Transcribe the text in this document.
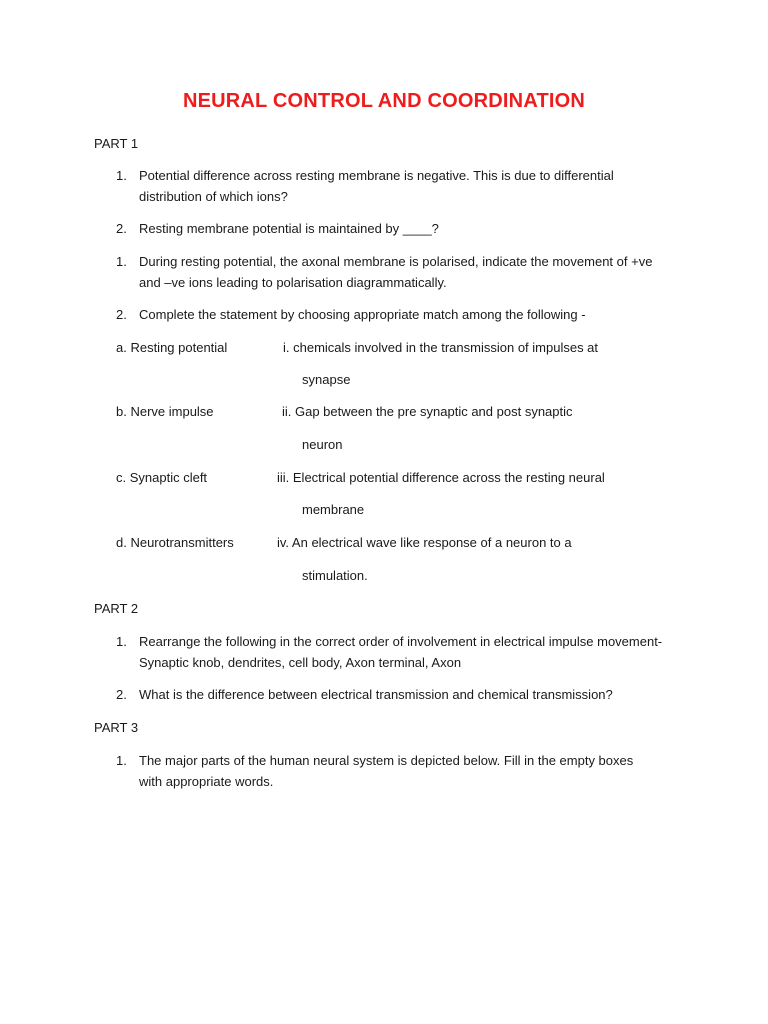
NEURAL CONTROL AND COORDINATION

PART 1

1. Potential difference across resting membrane is negative. This is due to differential distribution of which ions?
2. Resting membrane potential is maintained by ____?
1. During resting potential, the axonal membrane is polarised, indicate the movement of +ve and –ve ions leading to polarisation diagrammatically.
2. Complete the statement by choosing appropriate match among the following -
a. Resting potential	i. chemicals involved in the transmission of impulses at
synapse
b. Nerve impulse	ii. Gap between the pre synaptic and post synaptic
neuron
c. Synaptic cleft	iii. Electrical potential difference across the resting neural
membrane
d. Neurotransmitters	iv. An electrical wave like response of a neuron to a
stimulation.

PART 2

1. Rearrange the following in the correct order of involvement in electrical impulse movement-Synaptic knob, dendrites, cell body, Axon terminal, Axon
2. What is the difference between electrical transmission and chemical transmission?

PART 3

1. The major parts of the human neural system is depicted below. Fill in the empty boxes with appropriate words.
